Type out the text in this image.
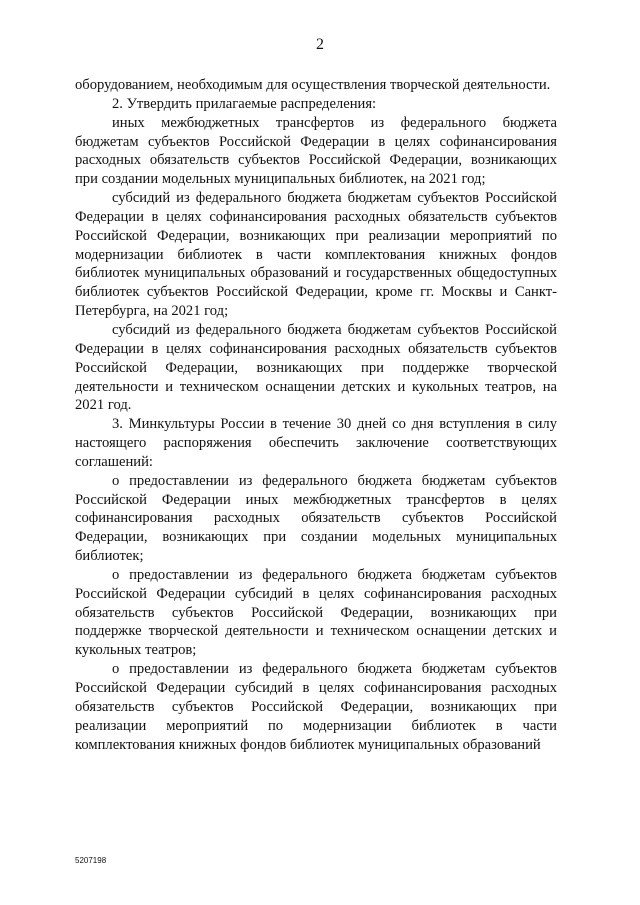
2

оборудованием, необходимым для осуществления творческой деятельности.

2. Утвердить прилагаемые распределения:

иных межбюджетных трансфертов из федерального бюджета бюджетам субъектов Российской Федерации в целях софинансирования расходных обязательств субъектов Российской Федерации, возникающих при создании модельных муниципальных библиотек, на 2021 год;

субсидий из федерального бюджета бюджетам субъектов Российской Федерации в целях софинансирования расходных обязательств субъектов Российской Федерации, возникающих при реализации мероприятий по модернизации библиотек в части комплектования книжных фондов библиотек муниципальных образований и государственных общедоступных библиотек субъектов Российской Федерации, кроме гг. Москвы и Санкт-Петербурга, на 2021 год;

субсидий из федерального бюджета бюджетам субъектов Российской Федерации в целях софинансирования расходных обязательств субъектов Российской Федерации, возникающих при поддержке творческой деятельности и техническом оснащении детских и кукольных театров, на 2021 год.

3. Минкультуры России в течение 30 дней со дня вступления в силу настоящего распоряжения обеспечить заключение соответствующих соглашений:

о предоставлении из федерального бюджета бюджетам субъектов Российской Федерации иных межбюджетных трансфертов в целях софинансирования расходных обязательств субъектов Российской Федерации, возникающих при создании модельных муниципальных библиотек;

о предоставлении из федерального бюджета бюджетам субъектов Российской Федерации субсидий в целях софинансирования расходных обязательств субъектов Российской Федерации, возникающих при поддержке творческой деятельности и техническом оснащении детских и кукольных театров;

о предоставлении из федерального бюджета бюджетам субъектов Российской Федерации субсидий в целях софинансирования расходных обязательств субъектов Российской Федерации, возникающих при реализации мероприятий по модернизации библиотек в части комплектования книжных фондов библиотек муниципальных образований

5207198
